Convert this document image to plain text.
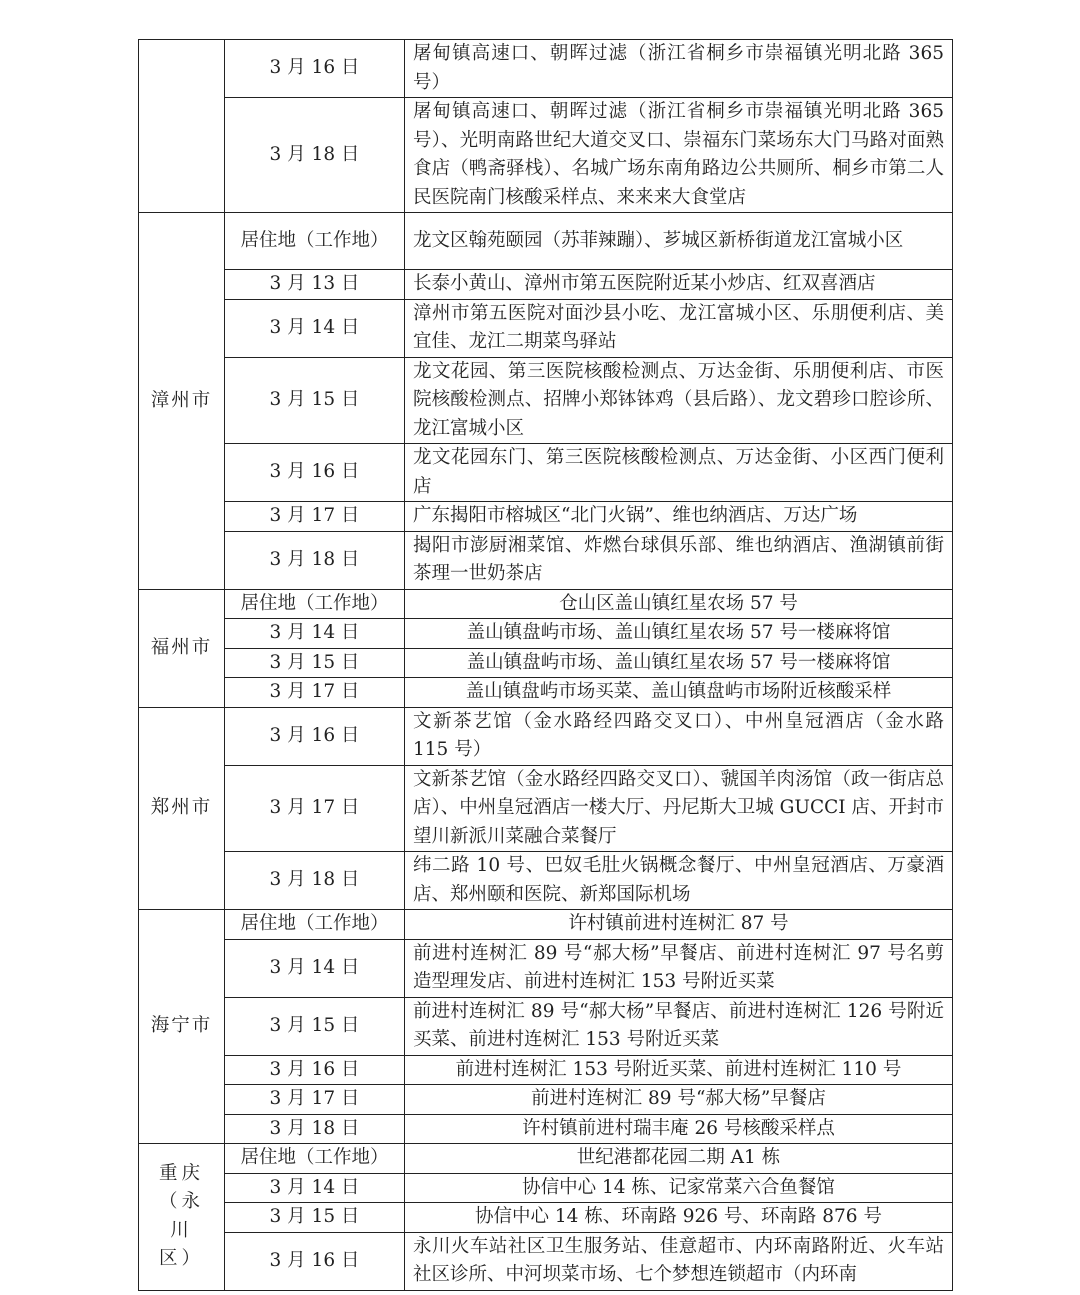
	3 月 16 日	屠甸镇高速口、朝晖过滤（浙江省桐乡市崇福镇光明北路 365 号）
	3 月 18 日	屠甸镇高速口、朝晖过滤（浙江省桐乡市崇福镇光明北路 365 号）、光明南路世纪大道交叉口、崇福东门菜场东大门马路对面熟食店（鸭斋驿栈）、名城广场东南角路边公共厕所、桐乡市第二人民医院南门核酸采样点、来来来大食堂店
漳州市	居住地（工作地）	龙文区翰苑颐园（苏菲辣蹦）、芗城区新桥街道龙江富城小区
	3 月 13 日	长泰小黄山、漳州市第五医院附近某小炒店、红双喜酒店
	3 月 14 日	漳州市第五医院对面沙县小吃、龙江富城小区、乐朋便利店、美宜佳、龙江二期菜鸟驿站
	3 月 15 日	龙文花园、第三医院核酸检测点、万达金街、乐朋便利店、市医院核酸检测点、招牌小郑钵钵鸡（县后路）、龙文碧珍口腔诊所、龙江富城小区
	3 月 16 日	龙文花园东门、第三医院核酸检测点、万达金街、小区西门便利店
	3 月 17 日	广东揭阳市榕城区“北门火锅”、维也纳酒店、万达广场
	3 月 18 日	揭阳市澎厨湘菜馆、炸燃台球俱乐部、维也纳酒店、渔湖镇前街茶理一世奶茶店
福州市	居住地（工作地）	仓山区盖山镇红星农场 57 号
	3 月 14 日	盖山镇盘屿市场、盖山镇红星农场 57 号一楼麻将馆
	3 月 15 日	盖山镇盘屿市场、盖山镇红星农场 57 号一楼麻将馆
	3 月 17 日	盖山镇盘屿市场买菜、盖山镇盘屿市场附近核酸采样
郑州市	3 月 16 日	文新茶艺馆（金水路经四路交叉口）、中州皇冠酒店（金水路 115 号）
	3 月 17 日	文新茶艺馆（金水路经四路交叉口）、虢国羊肉汤馆（政一街店总店）、中州皇冠酒店一楼大厅、丹尼斯大卫城 GUCCI 店、开封市望川新派川菜融合菜餐厅
	3 月 18 日	纬二路 10 号、巴奴毛肚火锅概念餐厅、中州皇冠酒店、万豪酒店、郑州颐和医院、新郑国际机场
海宁市	居住地（工作地）	许村镇前进村连树汇 87 号
	3 月 14 日	前进村连树汇 89 号“郝大杨”早餐店、前进村连树汇 97 号名剪造型理发店、前进村连树汇 153 号附近买菜
	3 月 15 日	前进村连树汇 89 号“郝大杨”早餐店、前进村连树汇 126 号附近买菜、前进村连树汇 153 号附近买菜
	3 月 16 日	前进村连树汇 153 号附近买菜、前进村连树汇 110 号
	3 月 17 日	前进村连树汇 89 号“郝大杨”早餐店
	3 月 18 日	许村镇前进村瑞丰庵 26 号核酸采样点
重庆（永川区）	居住地（工作地）	世纪港都花园二期 A1 栋
	3 月 14 日	协信中心 14 栋、记家常菜六合鱼餐馆
	3 月 15 日	协信中心 14 栋、环南路 926 号、环南路 876 号
	3 月 16 日	永川火车站社区卫生服务站、佳意超市、内环南路附近、火车站社区诊所、中河坝菜市场、七个梦想连锁超市（内环南
